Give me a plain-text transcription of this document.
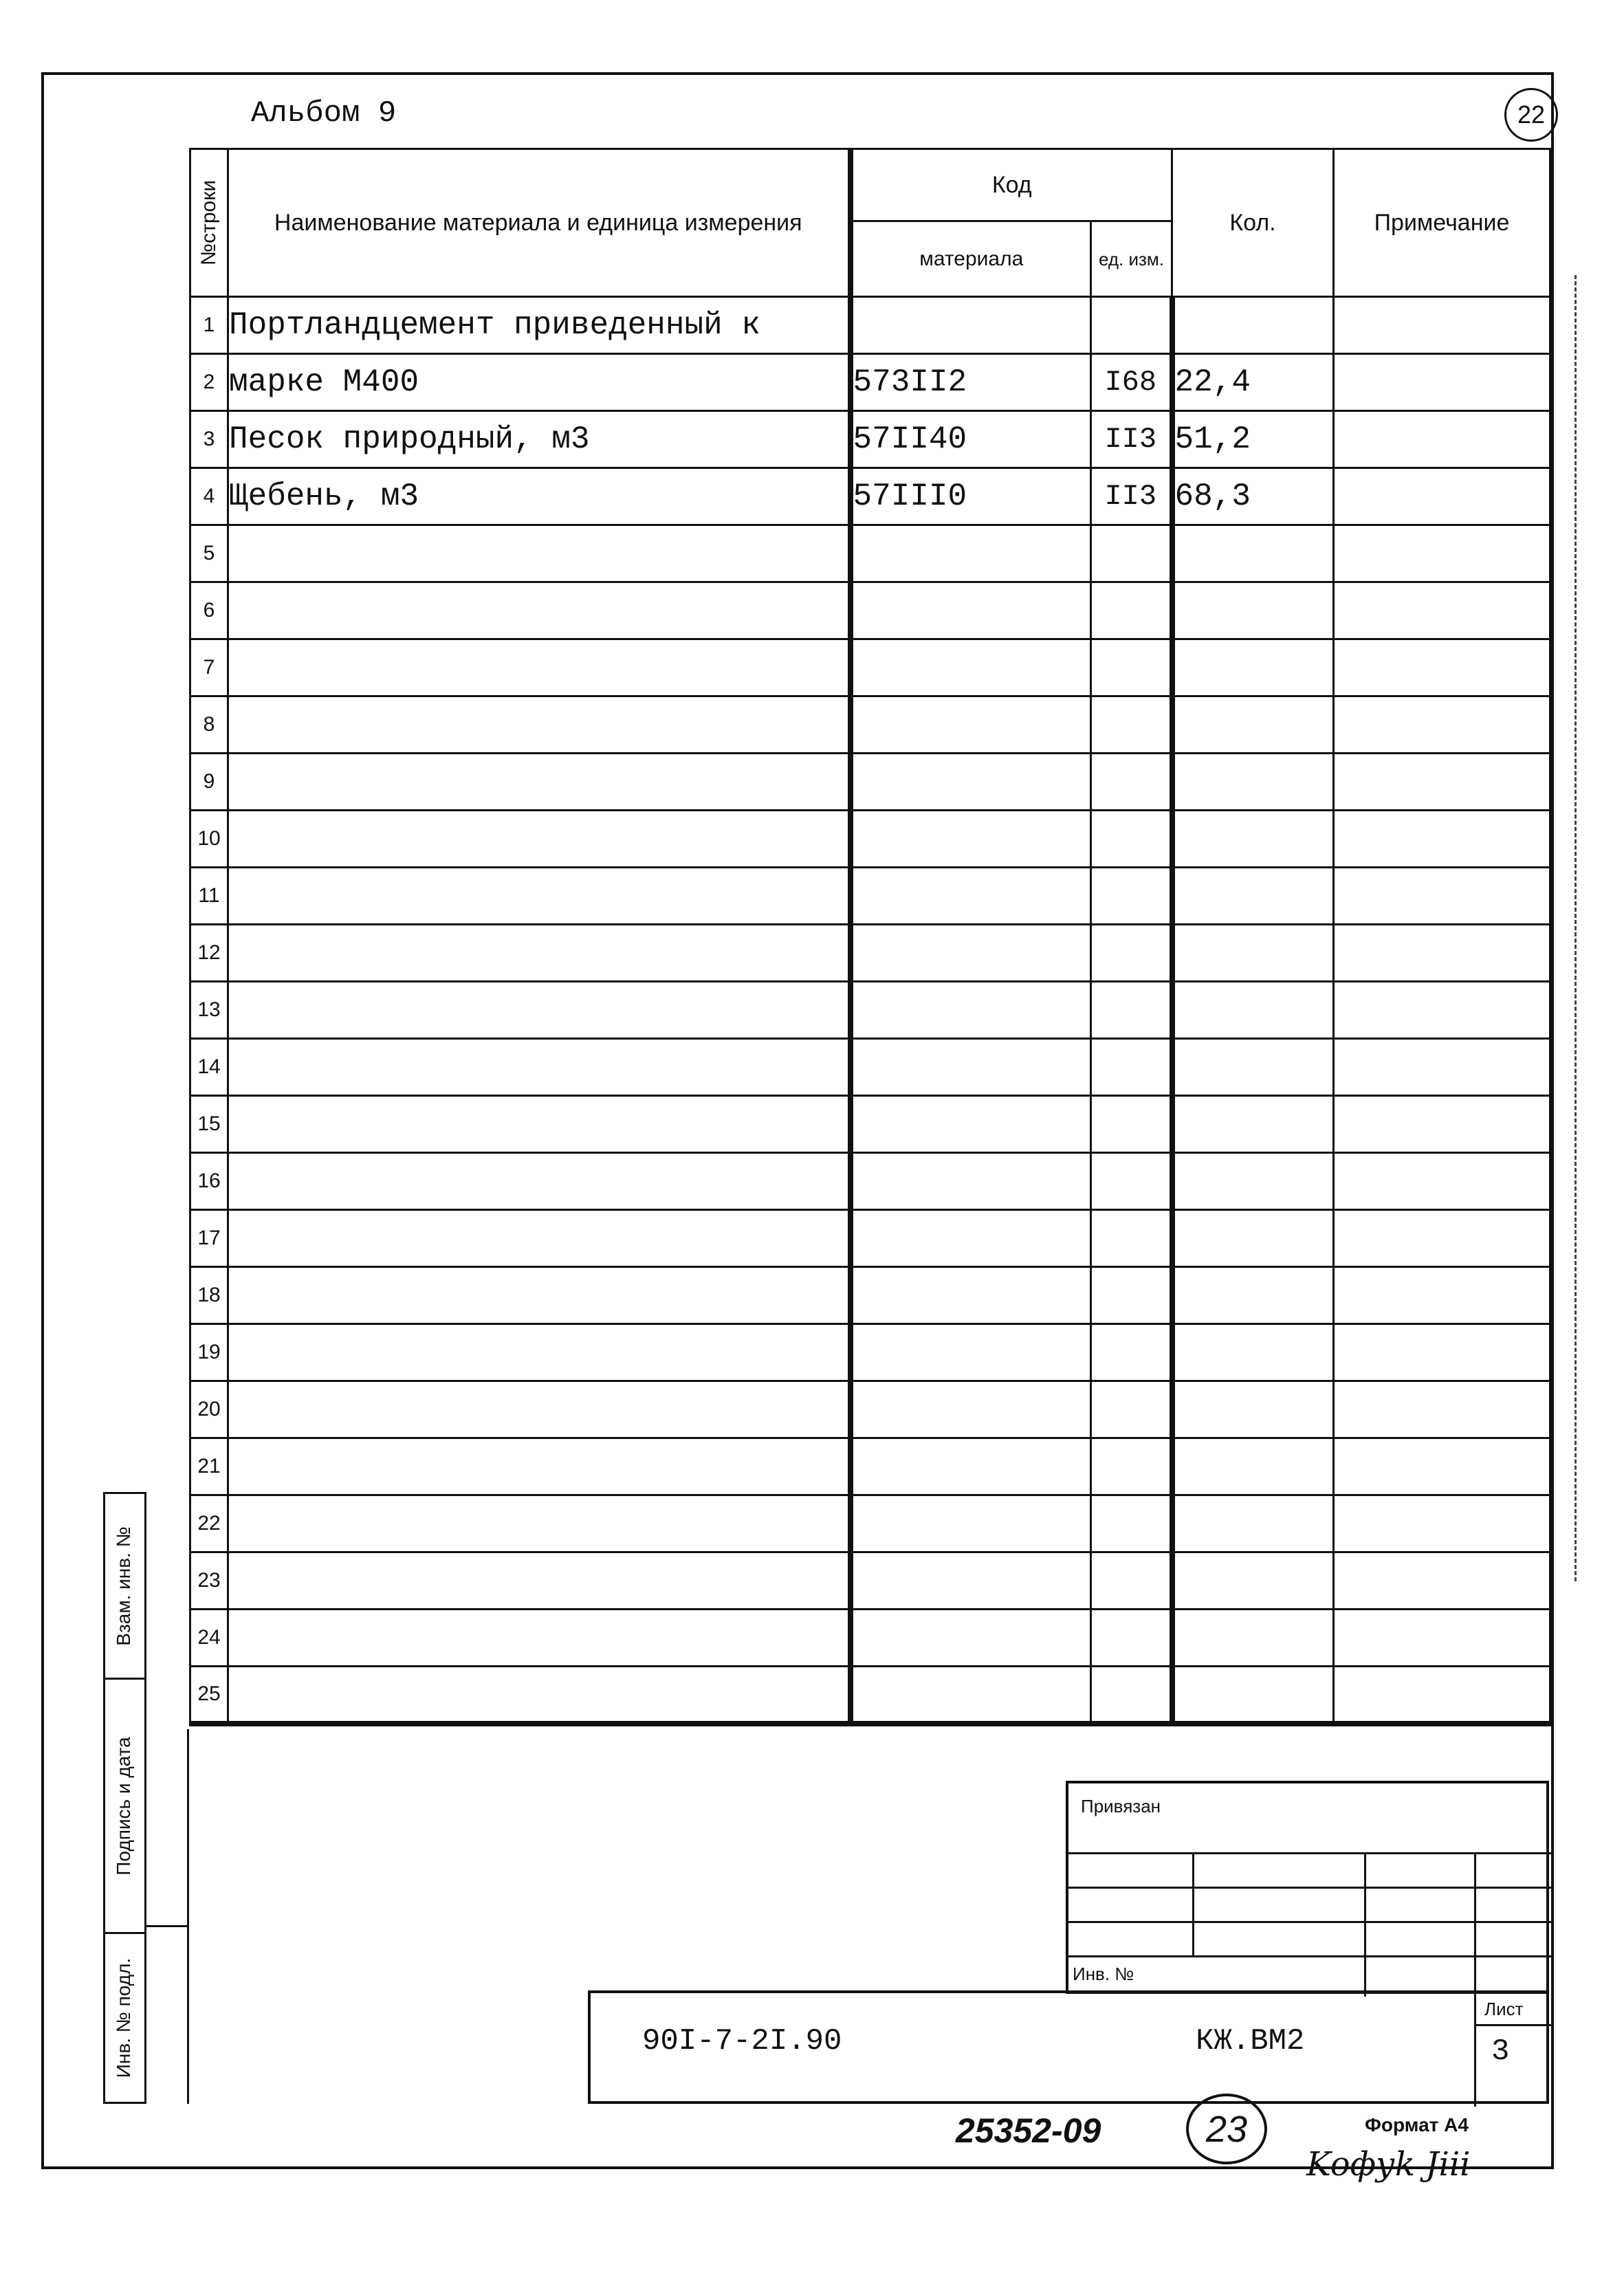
Альбом 9	22
№строки	Наименование материала и единица измерения	Код		Кол.	Примечание
		материала	ед. изм.		
1	Портландцемент приведенный к				
2	марке М400	573II2	I68	22,4	
3	Песок природный, м3	57II40	II3	51,2	
4	Щебень, м3	57III0	II3	68,3	
5					
6					
7					
8					
9					
10					
11					
12					
13					
14					
15					
16					
17					
18					
19					
20					
21					
22					
23					
24					
25					
Взам. инв. №
Подпись и дата
Инв. № подл.
Привязан
Инв. №
90I-7-2I.90	КЖ.ВМ2
Лист
3
25352-09	23	Формат А4
Koфуk Jiii
